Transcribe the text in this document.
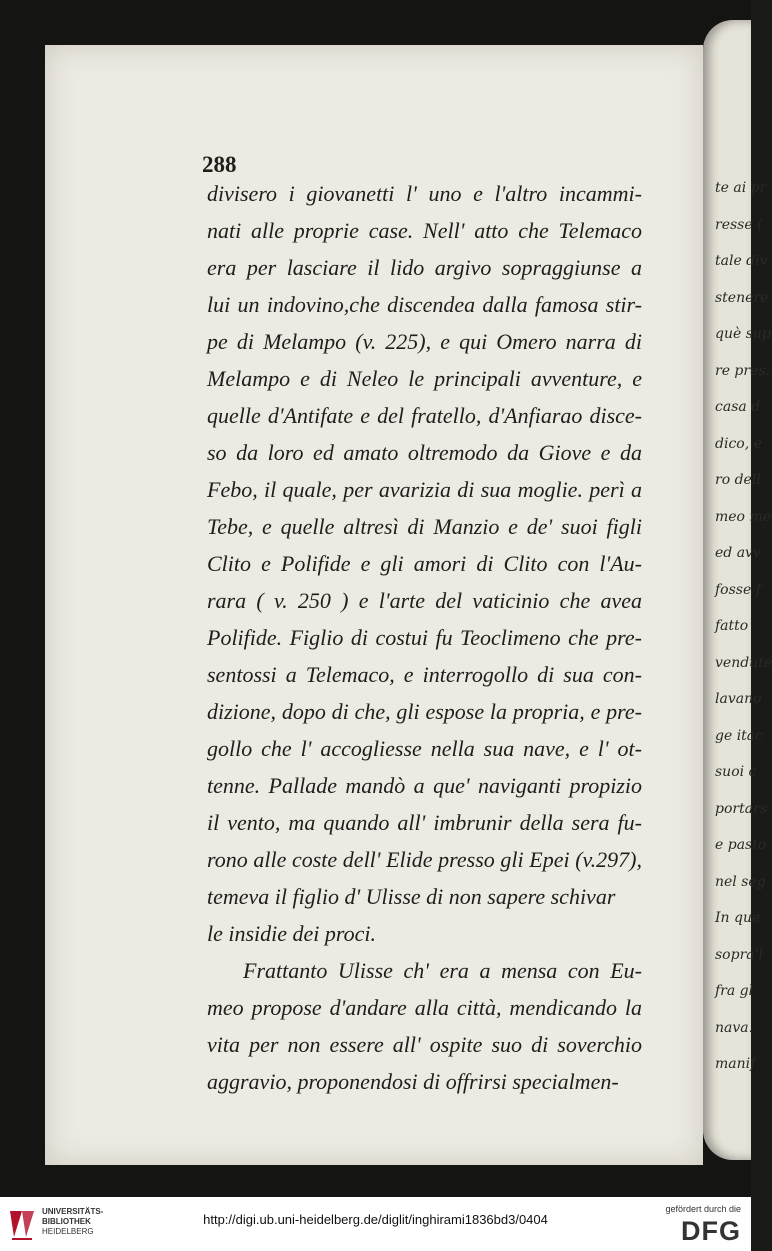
te ai pr
resse (
tale div
stenere
què sup
re pres.
casa d
dico, e
ro dell
meo me
ed avv
fosse f
fatto
vendute
lavano
ge itac
suoi c
portars
e pasto
nel seg
In que
sopra'l
fra gl
nava.
manif
288
divisero i giovanetti l' uno e l'altro incammi-
nati alle proprie case. Nell' atto che Telemaco
era per lasciare il lido argivo sopraggiunse a
lui un indovino,che discendea dalla famosa stir-
pe di Melampo (v. 225), e qui Omero narra di
Melampo e di Neleo le principali avventure, e
quelle d'Antifate e del fratello, d'Anfiarao disce-
so da loro ed amato oltremodo da Giove e da
Febo, il quale, per avarizia di sua moglie. perì a
Tebe, e quelle altresì di Manzio e de' suoi figli
Clito e Polifide e gli amori di Clito con l'Au-
rara ( v. 250 ) e l'arte del vaticinio che avea
Polifide. Figlio di costui fu Teoclimeno che pre-
sentossi a Telemaco, e interrogollo di sua con-
dizione, dopo di che, gli espose la propria, e pre-
gollo che l' accogliesse nella sua nave, e l' ot-
tenne. Pallade mandò a que' naviganti propizio
il vento, ma quando all' imbrunir della sera fu-
rono alle coste dell' Elide presso gli Epei (v.297),
temeva il figlio d' Ulisse di non sapere schivar
le insidie dei proci.
Frattanto Ulisse ch' era a mensa con Eu-
meo propose d'andare alla città, mendicando la
vita per non essere all' ospite suo di soverchio
aggravio, proponendosi di offrirsi specialmen-
UNIVERSITÄTS-
BIBLIOTHEK
HEIDELBERG
http://digi.ub.uni-heidelberg.de/diglit/inghirami1836bd3/0404
gefördert durch die
DFG
